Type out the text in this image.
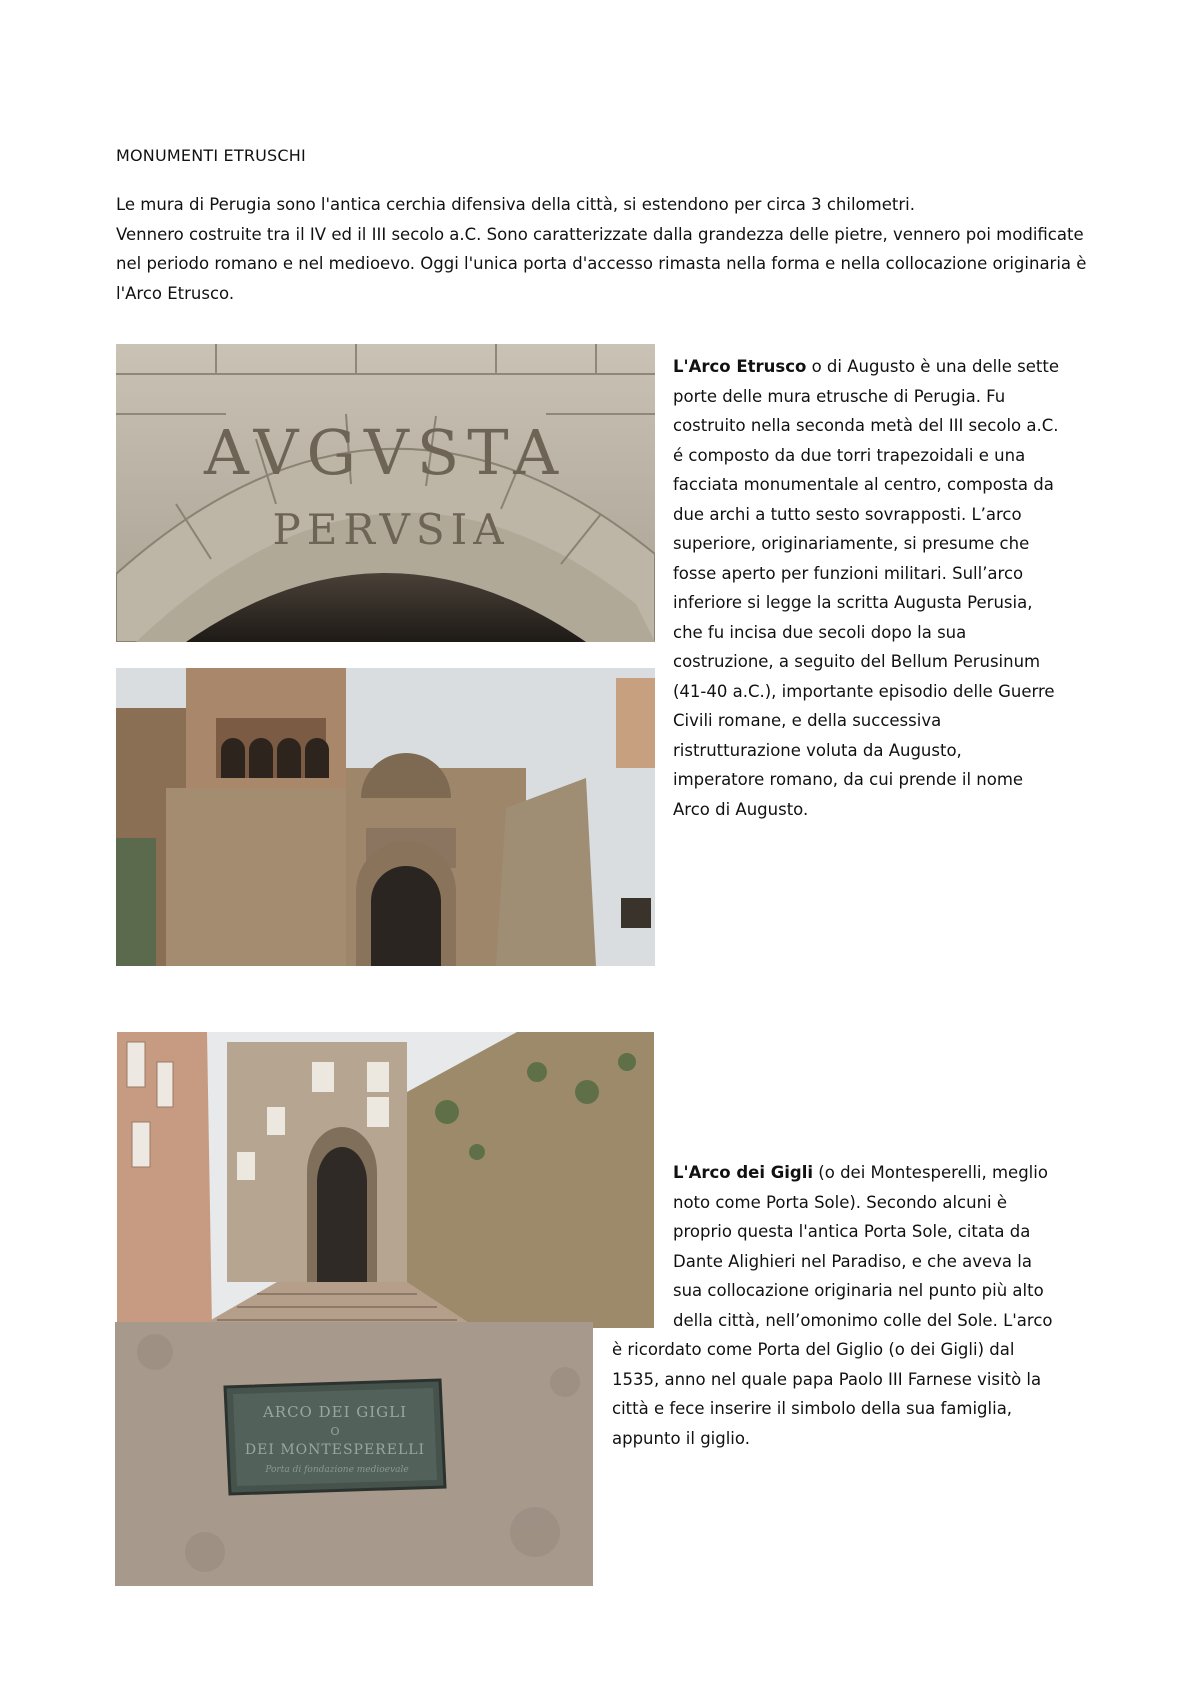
MONUMENTI ETRUSCHI

Le mura di Perugia sono l'antica cerchia difensiva della città, si estendono per circa 3 chilometri.

Vennero costruite tra il IV ed il III secolo a.C. Sono caratterizzate dalla grandezza delle pietre, vennero poi modificate nel periodo romano e nel medioevo. Oggi l'unica porta d'accesso rimasta nella forma e nella collocazione originaria è l'Arco Etrusco.

AVGVSTA
PERVSIA
L'Arco Etrusco o di Augusto è una delle sette
porte delle mura etrusche di Perugia. Fu
costruito nella seconda metà del III secolo a.C.
é composto da due torri trapezoidali e una
facciata monumentale al centro, composta da
due archi a tutto sesto sovrapposti. L’arco
superiore, originariamente, si presume che
fosse aperto per funzioni militari. Sull’arco
inferiore si legge la scritta Augusta Perusia,
che fu incisa due secoli dopo la sua
costruzione, a seguito del Bellum Perusinum
(41-40 a.C.), importante episodio delle Guerre
Civili romane, e della successiva
ristrutturazione voluta da Augusto,
imperatore romano, da cui prende il nome
Arco di Augusto.
ARCO DEI GIGLI
O
DEI MONTESPERELLI
Porta di fondazione medioevale
L'Arco dei Gigli (o dei Montesperelli, meglio
noto come Porta Sole). Secondo alcuni è
proprio questa l'antica Porta Sole, citata da
Dante Alighieri nel Paradiso, e che aveva la
sua collocazione originaria nel punto più alto
della città, nell’omonimo colle del Sole. L'arco
è ricordato come Porta del Giglio (o dei Gigli) dal
1535, anno nel quale papa Paolo III Farnese visitò la
città e fece inserire il simbolo della sua famiglia,
appunto il giglio.
